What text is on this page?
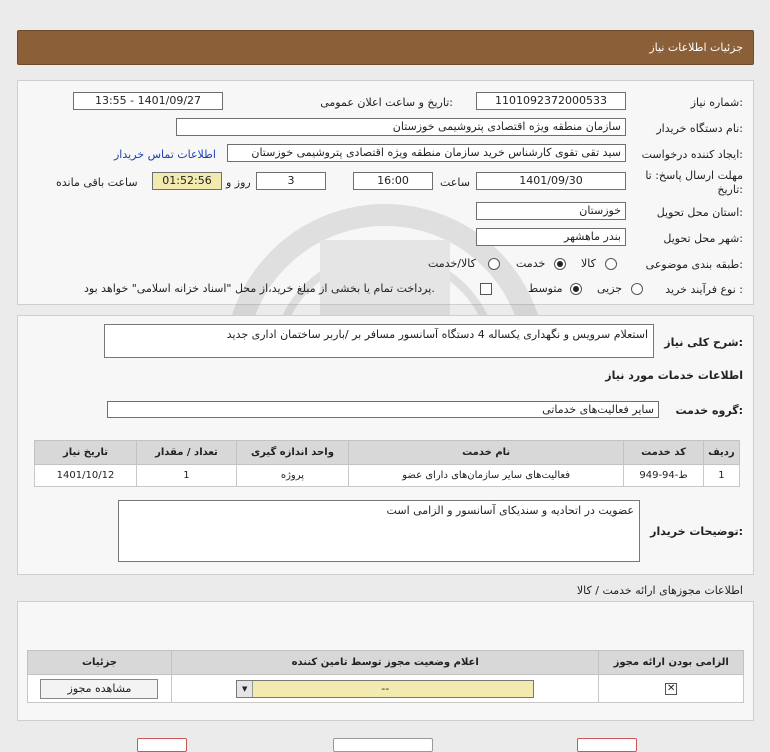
جزئیات اطلاعات نیاز
شماره نیاز:
1101092372000533
تاریخ و ساعت اعلان عمومی:
1401/09/27 - 13:55
نام دستگاه خریدار:
سازمان منطقه ویژه اقتصادی پتروشیمی خوزستان
ایجاد کننده درخواست:
سید تقی تقوی کارشناس خرید سازمان منطقه ویژه اقتصادی پتروشیمی خوزستان
اطلاعات تماس خریدار
مهلت ارسال پاسخ: تا
تاریخ:
1401/09/30
ساعت
16:00
3
روز و
01:52:56
ساعت باقی مانده
استان محل تحویل:
خوزستان
شهر محل تحویل:
بندر ماهشهر
طبقه بندی موضوعی:
کالا
خدمت
کالا/خدمت
نوع فرآیند خرید :
جزیی
متوسط
پرداخت تمام یا بخشی از مبلغ خرید،از محل "اسناد خزانه اسلامی" خواهد بود.
شرح کلی نیاز:
استعلام سرویس و نگهداری یکساله 4 دستگاه آسانسور مسافر بر /باربر ساختمان اداری جدید
اطلاعات خدمات مورد نیاز
گروه خدمت:
سایر فعالیت‌های خدماتی
ردیف	کد خدمت	نام خدمت	واحد اندازه گیری	تعداد / مقدار	تاریخ نیاز
1	ط-94-949	فعالیت‌های سایر سازمان‌های دارای عضو	پروژه	1	1401/10/12
توضیحات خریدار:
عضویت در اتحادیه و سندیکای آسانسور و الزامی است
اطلاعات مجوزهای ارائه خدمت / کالا
الزامی بودن ارائه مجوز	اعلام وضعیت مجوز توسط تامین کننده	جزئیات
✕	▼ --	مشاهده مجوز
